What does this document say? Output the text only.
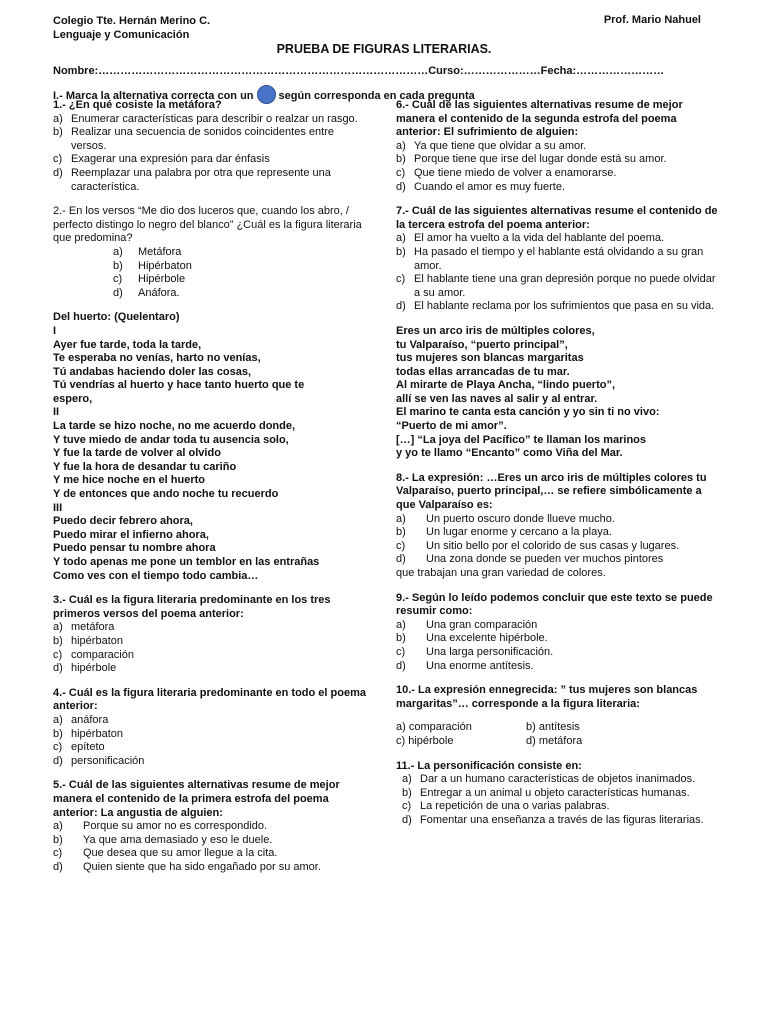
Colegio Tte. Hernán Merino C.
Lenguaje y Comunicación
Prof. Mario Nahuel
PRUEBA DE FIGURAS LITERARIAS.
Nombre:………………………………………………………………………………Curso:…………………Fecha:……………………
I.- Marca la alternativa correcta con un según corresponda en cada pregunta
1.- ¿En qué cosiste la metáfora?
a) Enumerar características para describir o realzar un rasgo.
b) Realizar una secuencia de sonidos coincidentes entre versos.
c) Exagerar una expresión para dar énfasis
d) Reemplazar una palabra por otra que represente una característica.
2.- En los versos “Me dio dos luceros que, cuando los abro, / perfecto distingo lo negro del blanco” ¿Cuál es la figura literaria que predomina?
a)	Metáfora
b)	Hipérbaton
c)	Hipérbole
d)	Anáfora.
Del huerto: (Quelentaro)
I
Ayer fue tarde, toda la tarde,
Te esperaba no venías, harto no venías,
Tú andabas haciendo doler las cosas,
Tú vendrías al huerto y hace tanto huerto que te
espero,
II
La tarde se hizo noche, no me acuerdo donde,
Y tuve miedo de andar toda tu ausencia solo,
Y fue la tarde de volver al olvido
Y fue la hora de desandar tu cariño
Y me hice noche en el huerto
Y de entonces que ando noche tu recuerdo
III
Puedo decir febrero ahora,
Puedo mirar el infierno ahora,
Puedo pensar tu nombre ahora
Y todo apenas me pone un temblor en las entrañas
Como ves con el tiempo todo cambia…
3.- Cuál es la figura literaria predominante en los tres primeros versos del poema anterior:
a) metáfora
b) hipérbaton
c) comparación
d) hipérbole
4.- Cuál es la figura literaria predominante en todo el poema anterior:
a) anáfora
b) hipérbaton
c) epíteto
d) personificación
5.- Cuál de las siguientes alternativas resume de mejor manera el contenido de la primera estrofa del poema anterior: La angustia de alguien:
a)	Porque su amor no es correspondido.
b)	Ya que ama demasiado y eso le duele.
c)	Que desea que su amor llegue a la cita.
d)	Quien siente que ha sido engañado por su amor.
6.- Cuál de las siguientes alternativas resume de mejor manera el contenido de la segunda estrofa del poema anterior: El sufrimiento de alguien:
a) Ya que tiene que olvidar a su amor.
b) Porque tiene que irse del lugar donde está su amor.
c) Que tiene miedo de volver a enamorarse.
d) Cuando el amor es muy fuerte.
7.- Cuál de las siguientes alternativas resume el contenido de la tercera estrofa del poema anterior:
a) El amor ha vuelto a la vida del hablante del poema.
b) Ha pasado el tiempo y el hablante está olvidando a su gran amor.
c) El hablante tiene una gran depresión porque no puede olvidar a su amor.
d) El hablante reclama por los sufrimientos que pasa en su vida.
Eres un arco iris de múltiples colores,
tu Valparaíso, “puerto principal”,
tus mujeres son blancas margaritas
todas ellas arrancadas de tu mar.
Al mirarte de Playa Ancha, “lindo puerto”,
allí se ven las naves al salir y al entrar.
El marino te canta esta canción y yo sin ti no vivo:
“Puerto de mi amor”.
[…] “La joya del Pacífico” te llaman los marinos
y yo te llamo “Encanto” como Viña del Mar.
8.- La expresión: …Eres un arco iris de múltiples colores tu Valparaíso, puerto principal,… se refiere simbólicamente a que Valparaíso es:
a)	Un puerto oscuro donde llueve mucho.
b)	Un lugar enorme y cercano a la playa.
c)	Un sitio bello por el colorido de sus casas y lugares.
d)	Una zona donde se pueden ver muchos pintores
que trabajan una gran variedad de colores.
9.- Según lo leído podemos concluir que este texto se puede resumir como:
a)	Una gran comparación
b)	Una excelente hipérbole.
c)	Una larga personificación.
d)	Una enorme antítesis.
10.- La expresión ennegrecida: ” tus mujeres son blancas margaritas”… corresponde a la figura literaria:
a) comparación	b) antítesis
c) hipérbole	d) metáfora
11.- La personificación consiste en:
a) Dar a un humano características de objetos inanimados.
b) Entregar a un animal u objeto características humanas.
c) La repetición de una o varias palabras.
d) Fomentar una enseñanza a través de las figuras literarias.
